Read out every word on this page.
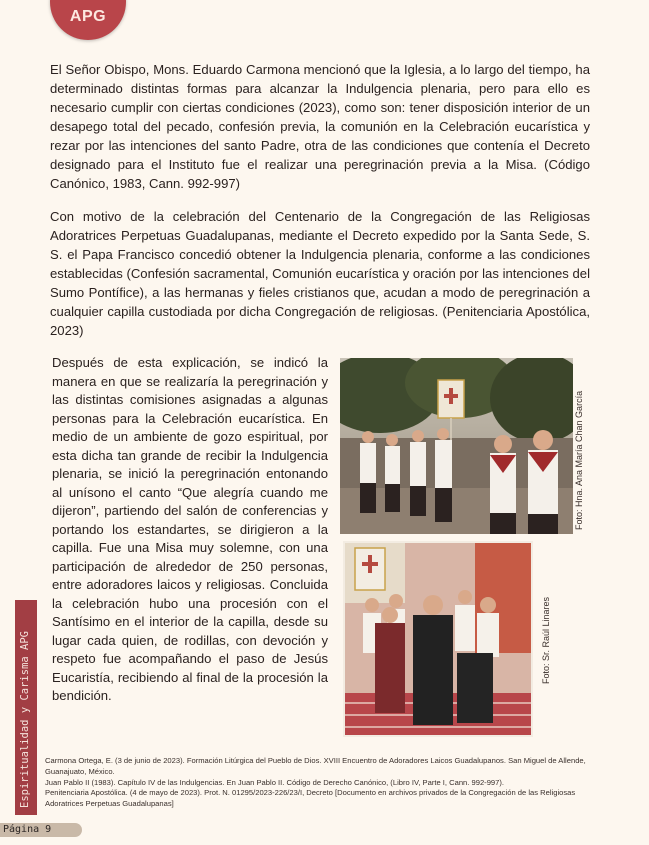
APG

El Señor Obispo, Mons. Eduardo Carmona mencionó que la Iglesia, a lo largo del tiempo, ha determinado distintas formas para alcanzar la Indulgencia plenaria, pero para ello es necesario cumplir con ciertas condiciones (2023), como son: tener disposición interior de un desapego total del pecado, confesión previa, la comunión en la Celebración eucarística y rezar por las intenciones del santo Padre, otra de las condiciones que contenía el Decreto designado para el Instituto fue el realizar una peregrinación previa a la Misa. (Código Canónico, 1983, Cann. 992-997)

Con motivo de la celebración del Centenario de la Congregación de las Religiosas Adoratrices Perpetuas Guadalupanas, mediante el Decreto expedido por la Santa Sede, S. S. el Papa Francisco concedió obtener la Indulgencia plenaria, conforme a las condiciones establecidas (Confesión sacramental, Comunión eucarística y oración por las intenciones del Sumo Pontífice), a las hermanas y fieles cristianos que, acudan a modo de peregrinación a cualquier capilla custodiada por dicha Congregación de religiosas. (Penitenciaria Apostólica, 2023)

Después de esta explicación, se indicó la manera en que se realizaría la peregrinación y las distintas comisiones asignadas a algunas personas para la Celebración eucarística. En medio de un ambiente de gozo espiritual, por esta dicha tan grande de recibir la Indulgencia plenaria, se inició la peregrinación entonando al unísono el canto “Que alegría cuando me dijeron”, partiendo del salón de conferencias y portando los estandartes, se dirigieron a la capilla. Fue una Misa muy solemne, con una participación de alrededor de 250 personas, entre adoradores laicos y religiosas. Concluida la celebración hubo una procesión con el Santísimo en el interior de la capilla, desde su lugar cada quien, de rodillas, con devoción y respeto fue acompañando el paso de Jesús Eucaristía, recibiendo al final de la procesión la bendición.

Foto: Hna. Ana María Chan García
Foto: Sr. Raúl Linares
Espiritualidad y Carisma APG Carmona Ortega, E. (3 de junio de 2023). Formación Litúrgica del Pueblo de Dios. XVIII Encuentro de Adoradores Laicos Guadalupanos. San Miguel de Allende, Guanajuato, México.

Juan Pablo II (1983). Capítulo IV de las Indulgencias. En Juan Pablo II. Código de Derecho Canónico, (Libro IV, Parte I, Cann. 992-997).

Penitenciaria Apostólica. (4 de mayo de 2023). Prot. N. 01295/2023-226/23/I, Decreto [Documento en archivos privados de la Congregación de las Religiosas Adoratrices Perpetuas Guadalupanas]

Página 9
